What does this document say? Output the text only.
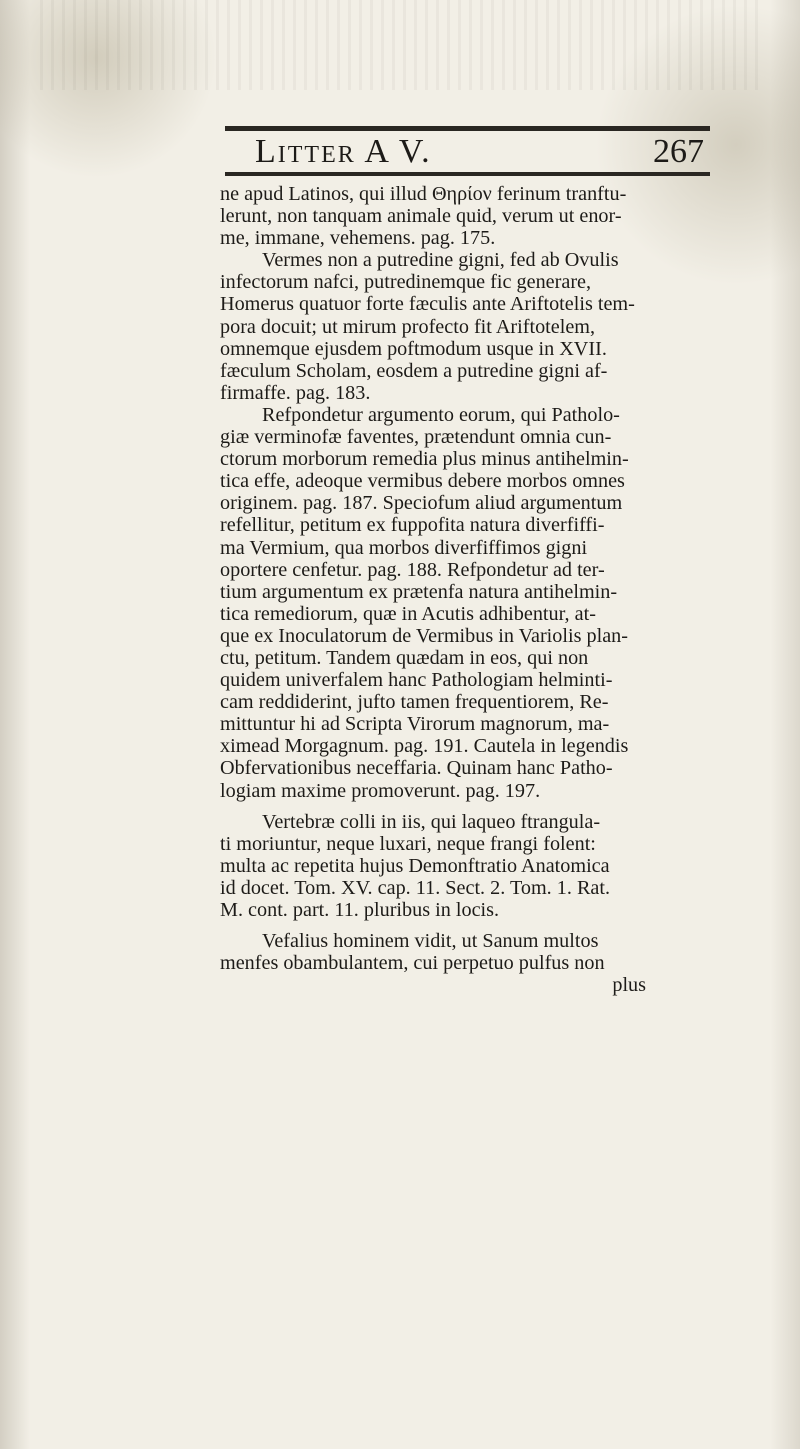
Litter A V.	267
ne apud Latinos, qui illud Θηρίον ferinum tranftu-
lerunt, non tanquam animale quid, verum ut enor-
me, immane, vehemens. pag. 175.
Vermes non a putredine gigni, fed ab Ovulis
infectorum nafci, putredinemque fic generare,
Homerus quatuor forte fæculis ante Ariftotelis tem-
pora docuit; ut mirum profecto fit Ariftotelem,
omnemque ejusdem poftmodum usque in XVII.
fæculum Scholam, eosdem a putredine gigni af-
firmaffe. pag. 183.
Refpondetur argumento eorum, qui Patholo-
giæ verminofæ faventes, prætendunt omnia cun-
ctorum morborum remedia plus minus antihelmin-
tica effe, adeoque vermibus debere morbos omnes
originem. pag. 187. Speciofum aliud argumentum
refellitur, petitum ex fuppofita natura diverfiffi-
ma Vermium, qua morbos diverfiffimos gigni
oportere cenfetur. pag. 188. Refpondetur ad ter-
tium argumentum ex prætenfa natura antihelmin-
tica remediorum, quæ in Acutis adhibentur, at-
que ex Inoculatorum de Vermibus in Variolis plan-
ctu, petitum. Tandem quædam in eos, qui non
quidem univerfalem hanc Pathologiam helminti-
cam reddiderint, jufto tamen frequentiorem, Re-
mittuntur hi ad Scripta Virorum magnorum, ma-
ximead Morgagnum. pag. 191. Cautela in legendis
Obfervationibus neceffaria. Quinam hanc Patho-
logiam maxime promoverunt. pag. 197.
Vertebræ colli in iis, qui laqueo ftrangula-
ti moriuntur, neque luxari, neque frangi folent:
multa ac repetita hujus Demonftratio Anatomica
id docet. Tom. XV. cap. 11. Sect. 2. Tom. 1. Rat.
M. cont. part. 11. pluribus in locis.
Vefalius hominem vidit, ut Sanum multos
menfes obambulantem, cui perpetuo pulfus non
plus
